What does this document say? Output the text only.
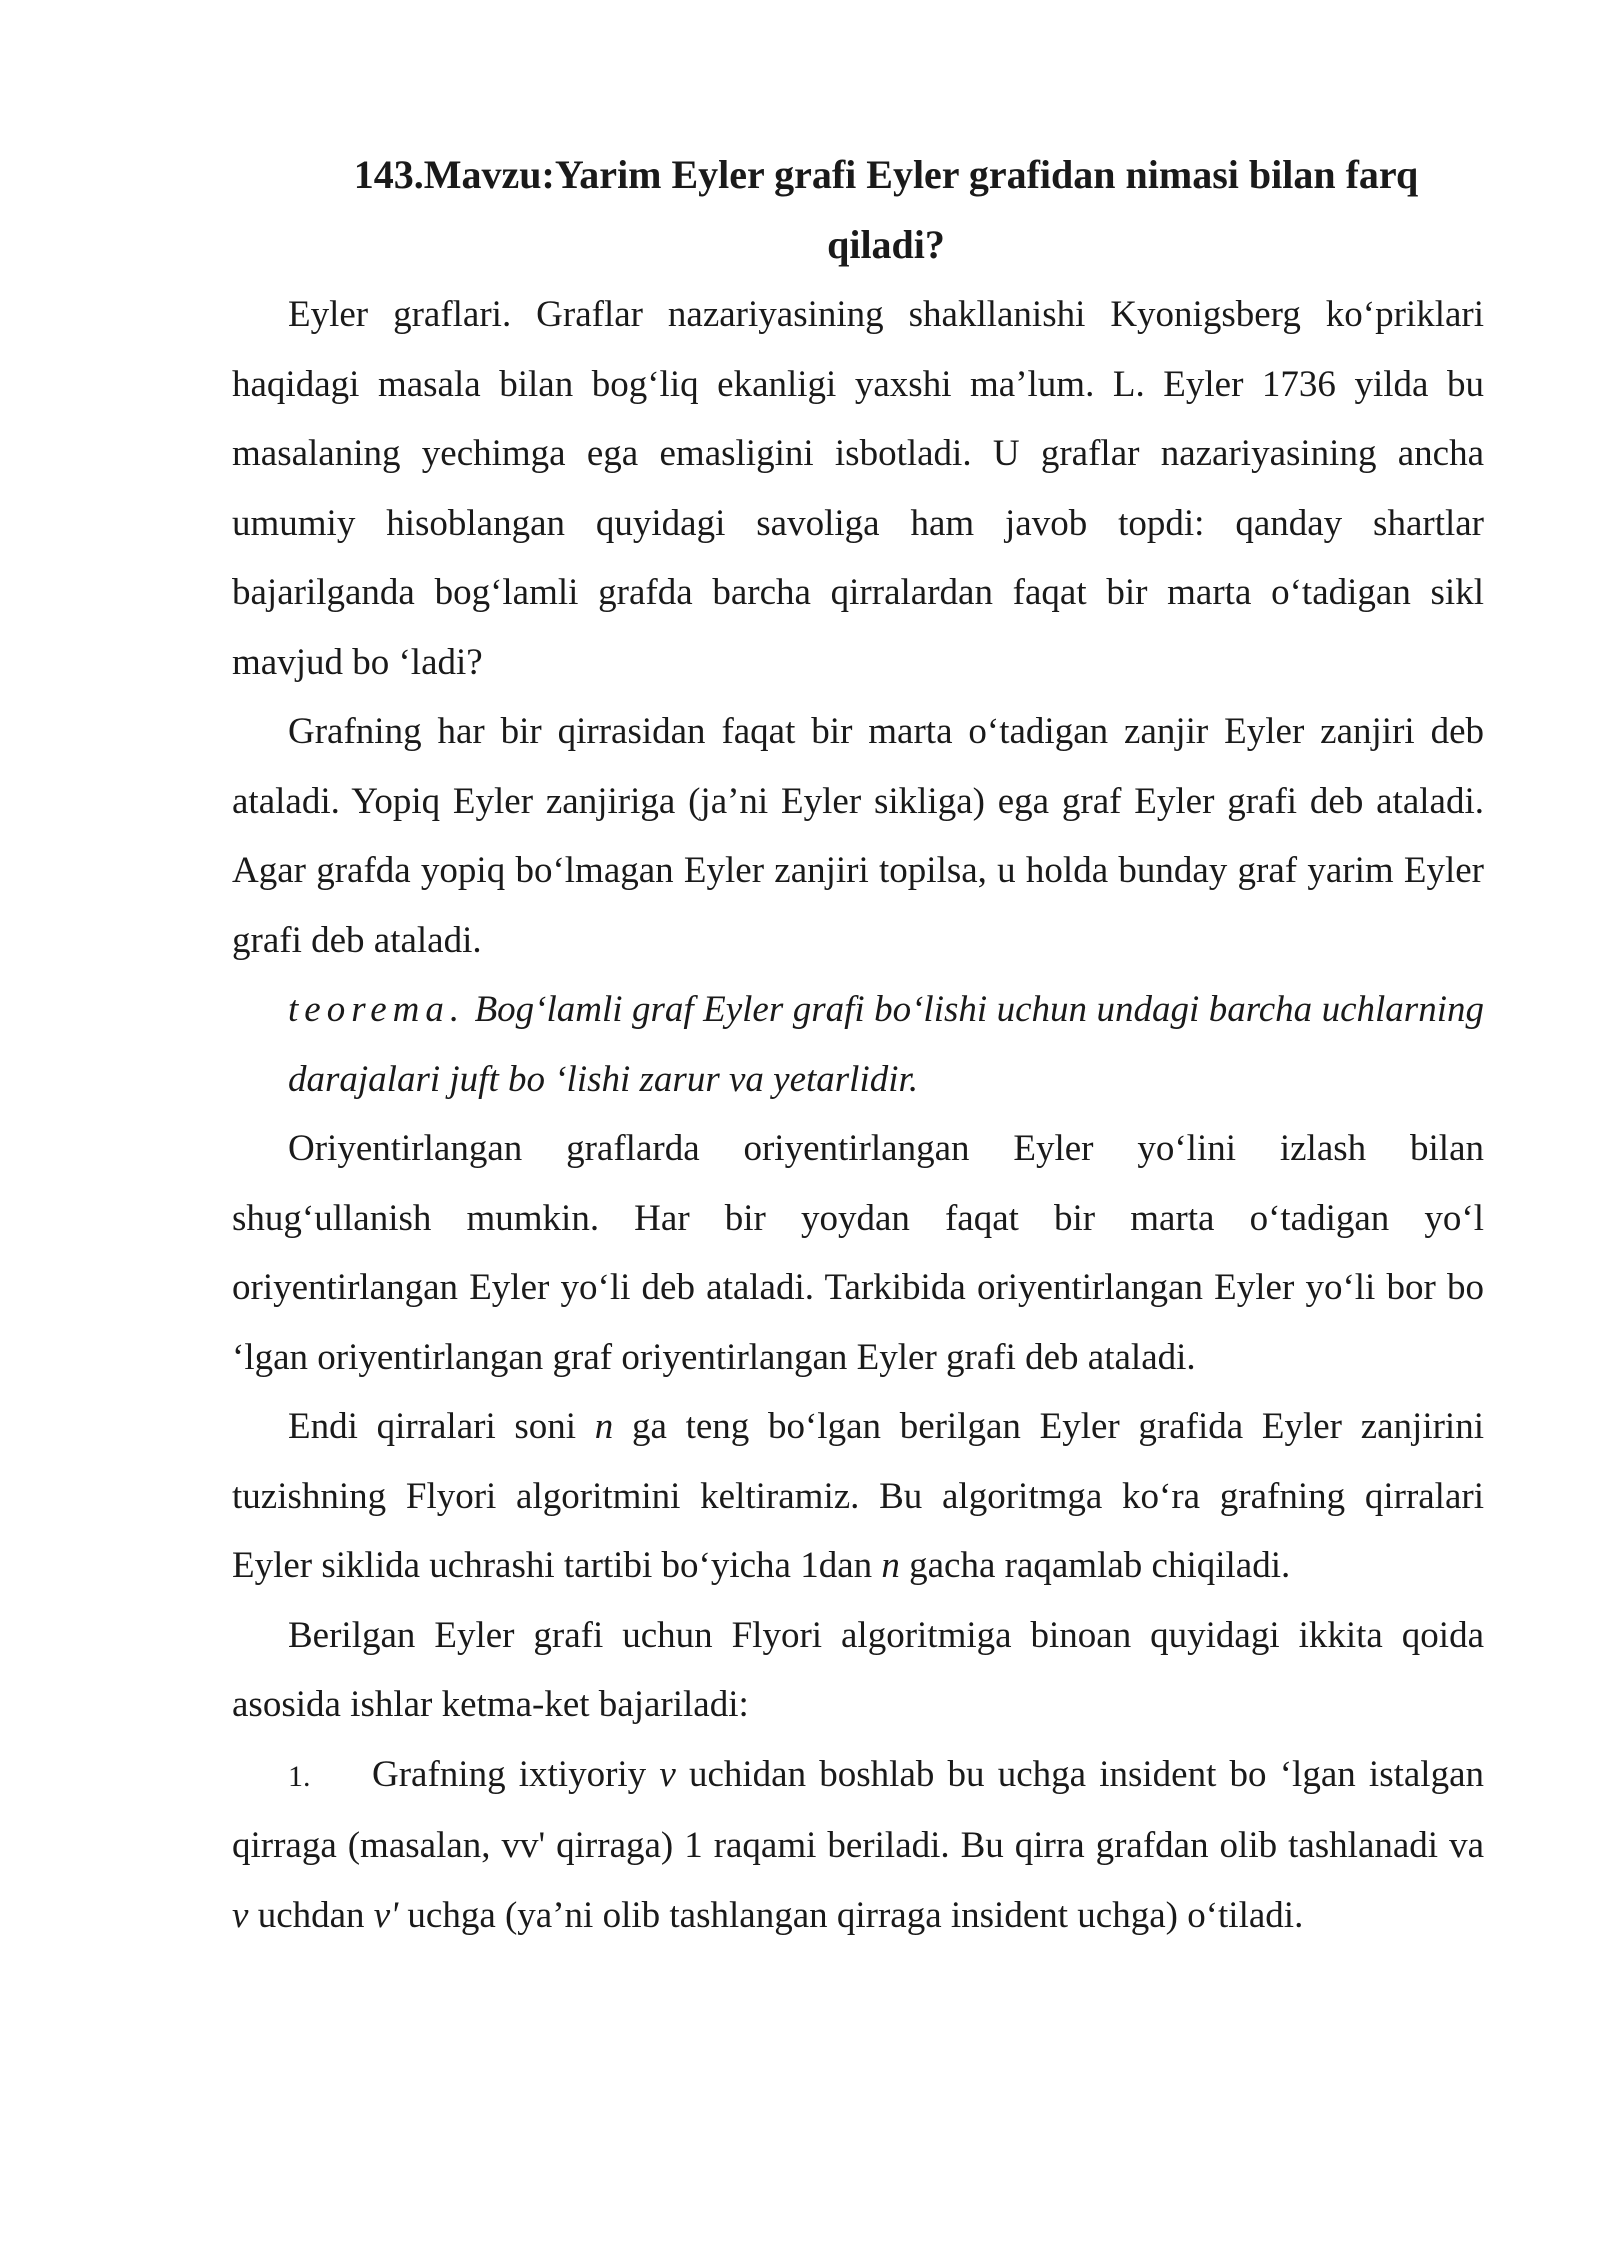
143.Mavzu:Yarim Eyler grafi Eyler grafidan nimasi bilan farq
qiladi?

Eyler graflari. Graflar nazariyasining shakllanishi Kyonigsberg ko‘priklari haqidagi masala bilan bog‘liq ekanligi yaxshi ma’lum. L. Eyler 1736 yilda bu masalaning yechimga ega emasligini isbotladi. U graflar nazariyasining ancha umumiy hisoblangan quyidagi savoliga ham javob topdi: qanday shartlar bajarilganda bog‘lamli grafda barcha qirralardan faqat bir marta o‘tadigan sikl mavjud bo ‘ladi?

Grafning har bir qirrasidan faqat bir marta o‘tadigan zanjir Eyler zanjiri deb ataladi. Yopiq Eyler zanjiriga (ja’ni Eyler sikliga) ega graf Eyler grafi deb ataladi. Agar grafda yopiq bo‘lmagan Eyler zanjiri topilsa, u holda bunday graf yarim Eyler grafi deb ataladi.

teorema. Bog‘lamli graf Eyler grafi bo‘lishi uchun undagi barcha uchlarning darajalari juft bo ‘lishi zarur va yetarlidir.

Oriyentirlangan graflarda oriyentirlangan Eyler yo‘lini izlash bilan shug‘ullanish mumkin. Har bir yoydan faqat bir marta o‘tadigan yo‘l oriyentirlangan Eyler yo‘li deb ataladi. Tarkibida oriyentirlangan Eyler yo‘li bor bo ‘lgan oriyentirlangan graf oriyentirlangan Eyler grafi deb ataladi.

Endi qirralari soni n ga teng bo‘lgan berilgan Eyler grafida Eyler zanjirini tuzishning Flyori algoritmini keltiramiz. Bu algoritmga ko‘ra grafning qirralari Eyler siklida uchrashi tartibi bo‘yicha 1dan n gacha raqamlab chiqiladi.

Berilgan Eyler grafi uchun Flyori algoritmiga binoan quyidagi ikkita qoida asosida ishlar ketma-ket bajariladi:

1. Grafning ixtiyoriy v uchidan boshlab bu uchga insident bo ‘lgan istalgan qirraga (masalan, vv' qirraga) 1 raqami beriladi. Bu qirra grafdan olib tashlanadi va v uchdan v' uchga (ya’ni olib tashlangan qirraga insident uchga) o‘tiladi.
